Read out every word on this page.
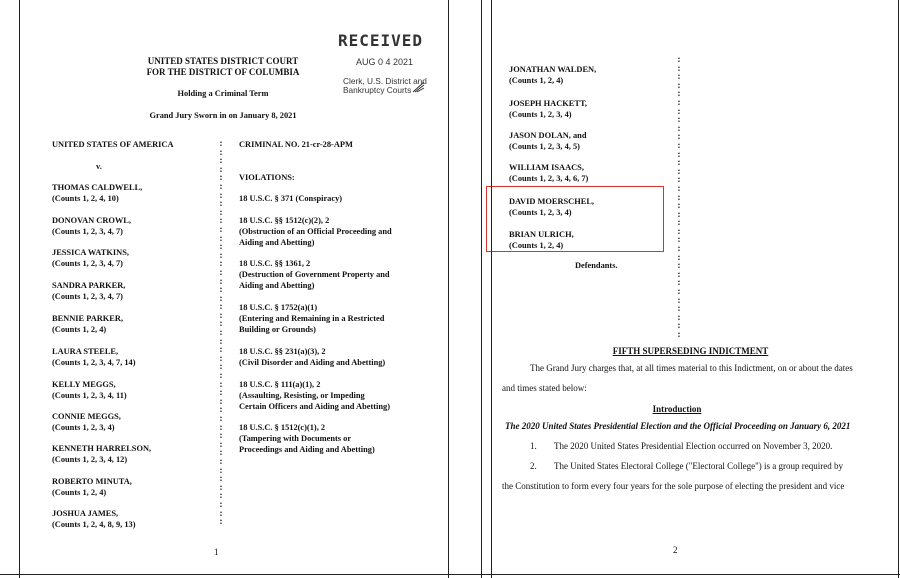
UNITED STATES DISTRICT COURT
FOR THE DISTRICT OF COLUMBIA
Holding a Criminal Term
Grand Jury Sworn in on January 8, 2021
RECEIVED
AUG 0 4 2021
Clerk, U.S. District and
Bankruptcy Courts
UNITED STATES OF AMERICA	CRIMINAL NO. 21-cr-28-APM
v.
VIOLATIONS:
THOMAS CALDWELL,
(Counts 1, 2, 4, 10)
DONOVAN CROWL,
(Counts 1, 2, 3, 4, 7)
JESSICA WATKINS,
(Counts 1, 2, 3, 4, 7)
SANDRA PARKER,
(Counts 1, 2, 3, 4, 7)
BENNIE PARKER,
(Counts 1, 2, 4)
LAURA STEELE,
(Counts 1, 2, 3, 4, 7, 14)
KELLY MEGGS,
(Counts 1, 2, 3, 4, 11)
CONNIE MEGGS,
(Counts 1, 2, 3, 4)
KENNETH HARRELSON,
(Counts 1, 2, 3, 4, 12)
ROBERTO MINUTA,
(Counts 1, 2, 4)
JOSHUA JAMES,
(Counts 1, 2, 4, 8, 9, 13)
18 U.S.C. § 371 (Conspiracy)
18 U.S.C. §§ 1512(c)(2), 2
(Obstruction of an Official Proceeding and
Aiding and Abetting)
18 U.S.C. §§ 1361, 2
(Destruction of Government Property and
Aiding and Abetting)
18 U.S.C. § 1752(a)(1)
(Entering and Remaining in a Restricted
Building or Grounds)
18 U.S.C. §§ 231(a)(3), 2
(Civil Disorder and Aiding and Abetting)
18 U.S.C. § 111(a)(1), 2
(Assaulting, Resisting, or Impeding
Certain Officers and Aiding and Abetting)
18 U.S.C. § 1512(c)(1), 2
(Tampering with Documents or
Proceedings and Aiding and Abetting)
:
:
:
:
:
:
:
:
:
:
:
:
:
:
:
:
:
:
:
:
:
:
:
:
:
:
:
:
:
:
:
:
:
:
:
:
:
:
:
:
:
:
:
:
:

1
JONATHAN WALDEN,
(Counts 1, 2, 4)
JOSEPH HACKETT,
(Counts 1, 2, 3, 4)
JASON DOLAN, and
(Counts 1, 2, 3, 4, 5)
WILLIAM ISAACS,
(Counts 1, 2, 3, 4, 6, 7)
DAVID MOERSCHEL,
(Counts 1, 2, 3, 4)
BRIAN ULRICH,
(Counts 1, 2, 4)
Defendants.
:
:
:
:
:
:
:
:
:
:
:
:
:
:
:
:
:
:
:
:
:
:
:
:
:
:
:
:
:
:
:
:
:

FIFTH SUPERSEDING INDICTMENT
The Grand Jury charges that, at all times material to this Indictment, on or about the dates
and times stated below:
Introduction
The 2020 United States Presidential Election and the Official Proceeding on January 6, 2021
1. The 2020 United States Presidential Election occurred on November 3, 2020.
2. The United States Electoral College ("Electoral College") is a group required by
the Constitution to form every four years for the sole purpose of electing the president and vice
2
